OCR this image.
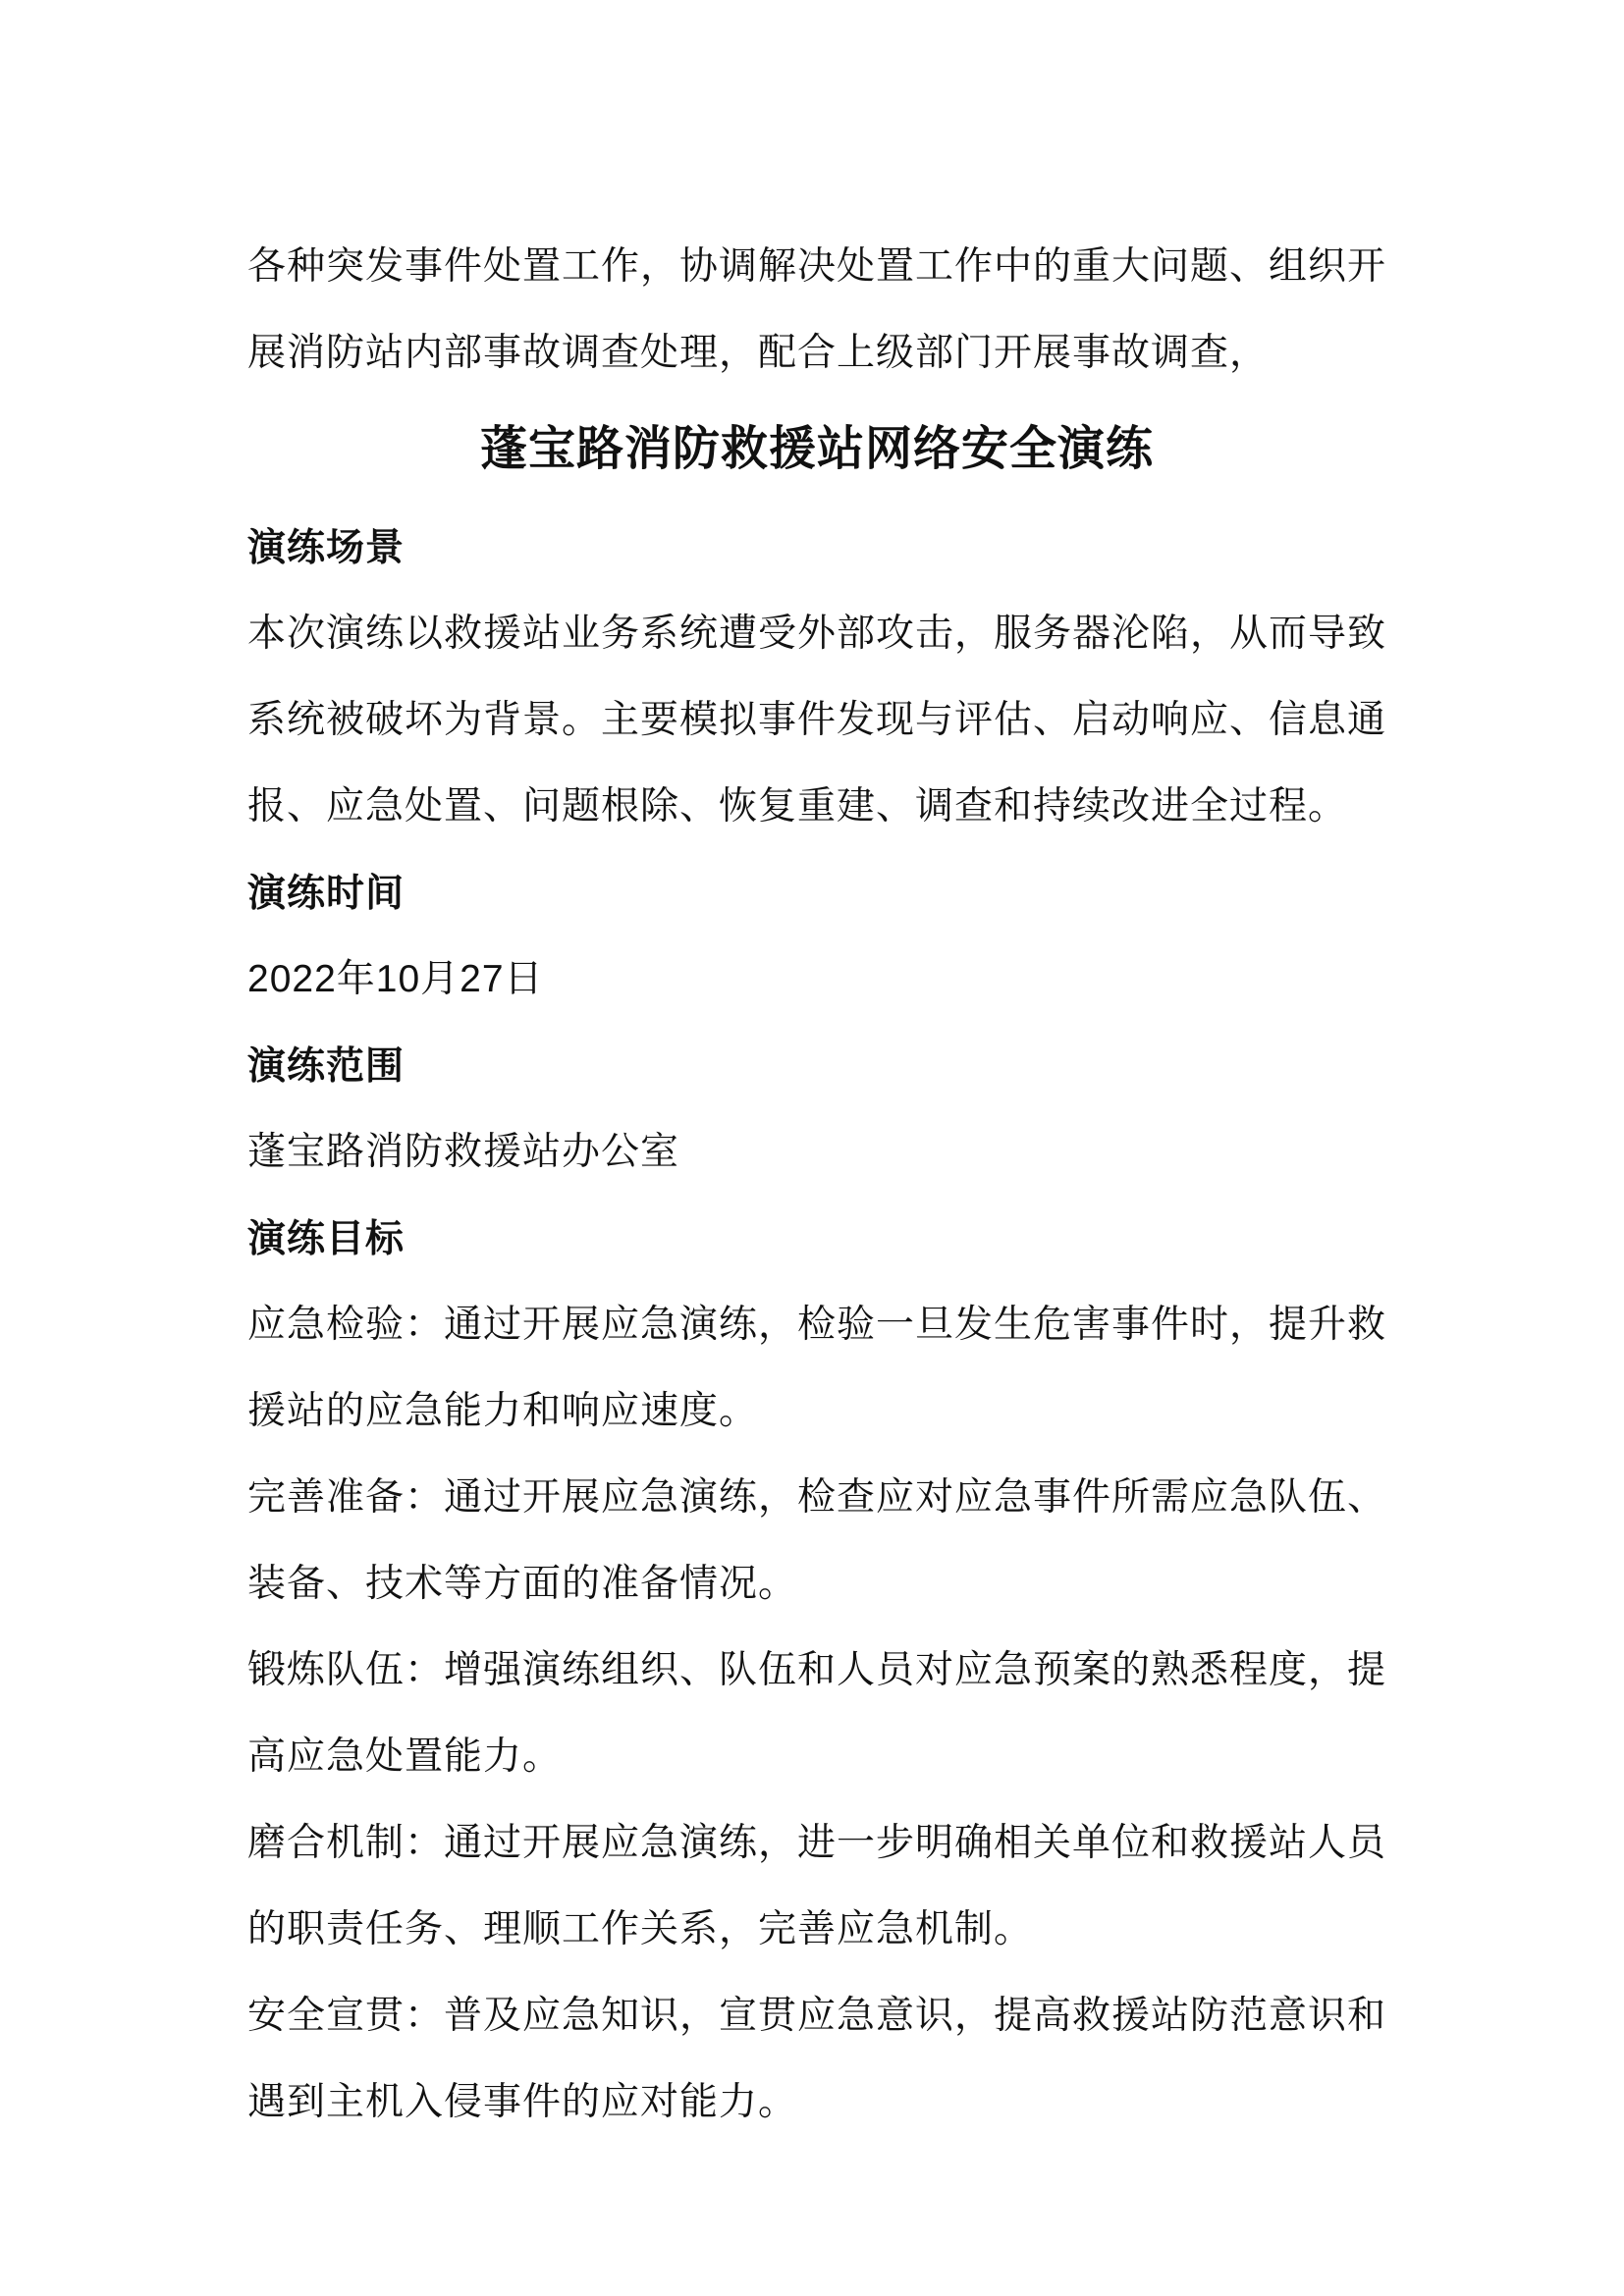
各种突发事件处置工作，协调解决处置工作中的重大问题、组织开展消防站内部事故调查处理，配合上级部门开展事故调查，

蓬宝路消防救援站网络安全演练
演练场景

本次演练以救援站业务系统遭受外部攻击，服务器沦陷，从而导致系统被破坏为背景。主要模拟事件发现与评估、启动响应、信息通报、应急处置、问题根除、恢复重建、调查和持续改进全过程。

演练时间

2022年10月27日

演练范围

蓬宝路消防救援站办公室

演练目标

应急检验：通过开展应急演练，检验一旦发生危害事件时，提升救援站的应急能力和响应速度。

完善准备：通过开展应急演练，检查应对应急事件所需应急队伍、装备、技术等方面的准备情况。

锻炼队伍：增强演练组织、队伍和人员对应急预案的熟悉程度，提高应急处置能力。

磨合机制：通过开展应急演练，进一步明确相关单位和救援站人员的职责任务、理顺工作关系，完善应急机制。

安全宣贯：普及应急知识，宣贯应急意识，提高救援站防范意识和遇到主机入侵事件的应对能力。
